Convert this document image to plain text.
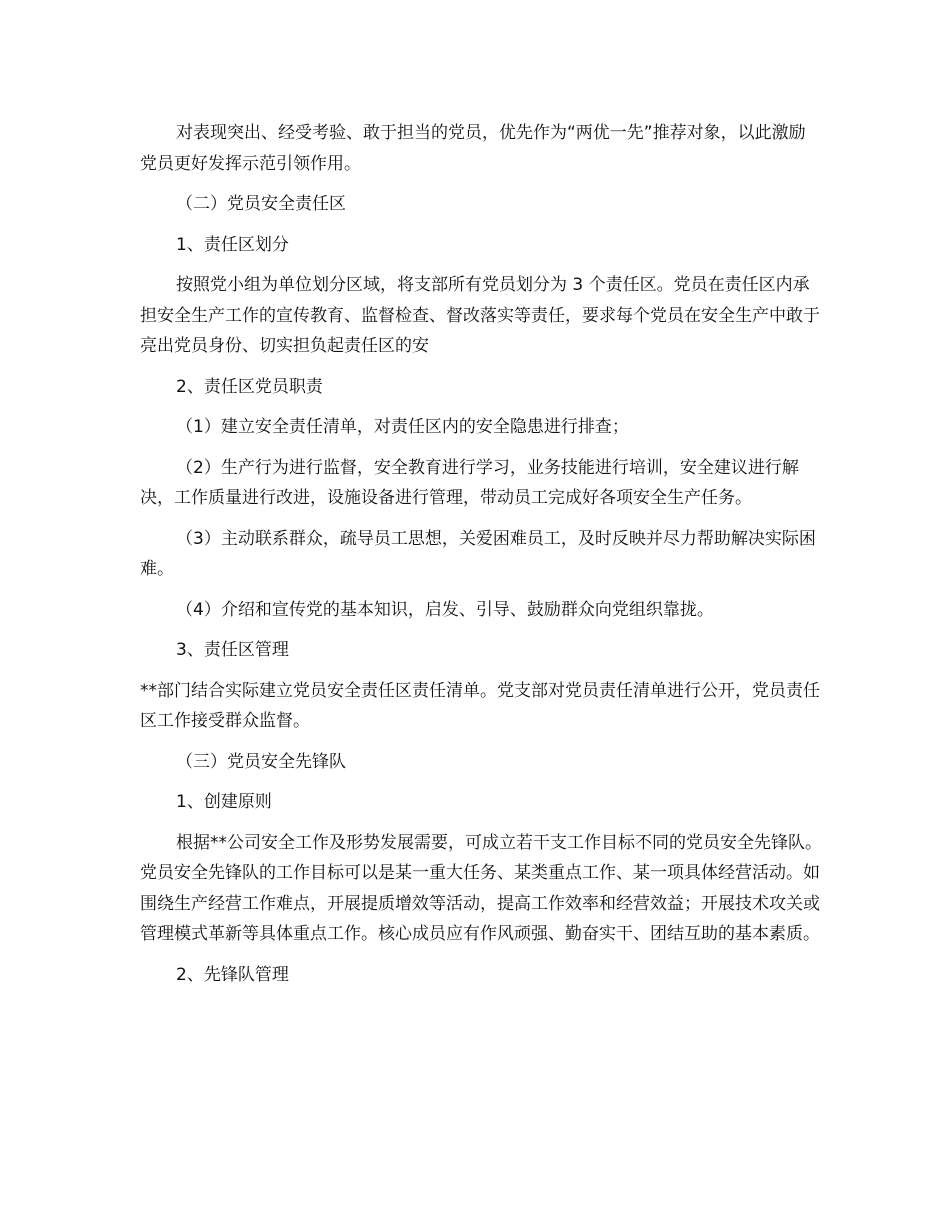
对表现突出、经受考验、敢于担当的党员，优先作为“两优一先”推荐对象，以此激励党员更好发挥示范引领作用。

（二）党员安全责任区

1、责任区划分

按照党小组为单位划分区域，将支部所有党员划分为 3 个责任区。党员在责任区内承担安全生产工作的宣传教育、监督检查、督改落实等责任，要求每个党员在安全生产中敢于亮出党员身份、切实担负起责任区的安

2、责任区党员职责

（1）建立安全责任清单，对责任区内的安全隐患进行排查；

（2）生产行为进行监督，安全教育进行学习，业务技能进行培训，安全建议进行解决，工作质量进行改进，设施设备进行管理，带动员工完成好各项安全生产任务。

（3）主动联系群众，疏导员工思想，关爱困难员工，及时反映并尽力帮助解决实际困难。

（4）介绍和宣传党的基本知识，启发、引导、鼓励群众向党组织靠拢。

3、责任区管理

**部门结合实际建立党员安全责任区责任清单。党支部对党员责任清单进行公开，党员责任区工作接受群众监督。

（三）党员安全先锋队

1、创建原则

根据**公司安全工作及形势发展需要，可成立若干支工作目标不同的党员安全先锋队。党员安全先锋队的工作目标可以是某一重大任务、某类重点工作、某一项具体经营活动。如围绕生产经营工作难点，开展提质增效等活动，提高工作效率和经营效益；开展技术攻关或管理模式革新等具体重点工作。核心成员应有作风顽强、勤奋实干、团结互助的基本素质。

2、先锋队管理
